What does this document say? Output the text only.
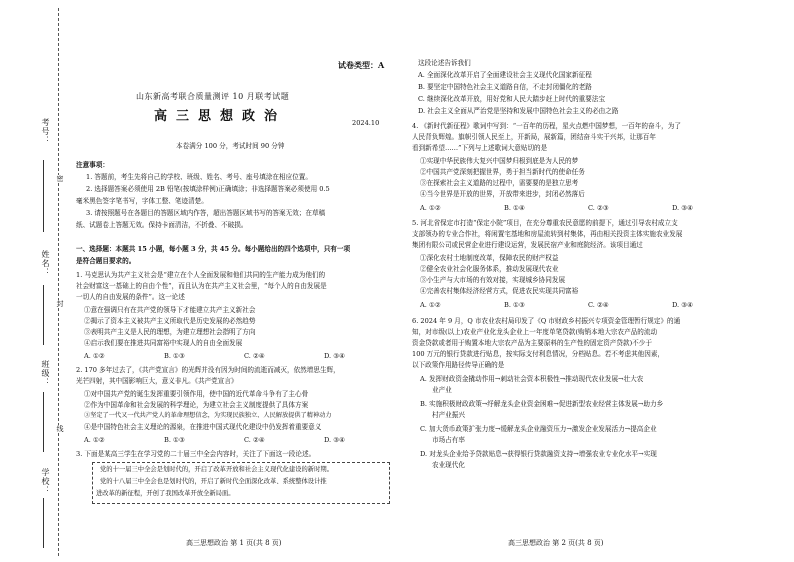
考号：
姓名：
班级：
学校：
密
封
线
试卷类型：A
山东新高考联合质量测评 10 月联考试题
高三思想政治	2024.10
本卷满分 100 分，考试时间 90 分钟
注意事项：
1. 答题前，考生先将自己的学校、班级、姓名、考号、座号填涂在相应位置。
2. 选择题答案必须使用 2B 铅笔(按填涂样例)正确填涂；非选择题答案必须使用 0.5
毫米黑色签字笔书写，字体工整、笔迹清楚。
3. 请按照题号在各题目的答题区域内作答，超出答题区域书写的答案无效；在草稿
纸、试题卷上答题无效。保持卡面清洁，不折叠、不破损。
一、选择题：本题共 15 小题，每小题 3 分，共 45 分。每小题给出的四个选项中，只有一项
是符合题目要求的。
1. 马克思认为共产主义社会是“建立在个人全面发展和他们共同的生产能力成为他们的
社会财富这一基础上的自由个性”，而且认为在共产主义社会里，“每个人的自由发展是
一切人的自由发展的条件”。这一论述
①意在强调只有在共产党的领导下才能建立共产主义新社会
②揭示了资本主义被共产主义所取代是历史发展的必然趋势
③表明共产主义是人民的理想，为建立理想社会指明了方向
④启示我们要在推进共同富裕中实现人的自由全面发展
A. ①②	B. ①③	C. ②④	D. ③④
2. 170 多年过去了，《共产党宣言》的光辉并没有因为时间的流逝而减灭，依然增思生辉，
光芒四射，其中国影响巨大，意义非凡。《共产党宣言》
①对中国共产党的诞生发挥重要引领作用，使中国的近代革命斗争有了主心骨
②作为中国革命和社会发展的科学理论，为建立社会主义制度提供了具体方案
③坚定了一代又一代共产党人的革命理想信念，为实现民族独立、人民解放提供了精神动力
④是中国特色社会主义理论的源泉，在推进中国式现代化建设中仍发挥着重要意义
A. ①②	B. ①③	C. ②④	D. ③④
3. 下面是某高三学生在学习党的二十届三中全会内容时，关注了下面这一段论述。
党的十一届三中全会是划时代的，开启了改革开放和社会主义现代化建设的新时期。
党的十八届三中全会也是划时代的，开启了新时代全面深化改革、系统整体设计推
进改革的新征程，开创了我国改革开放全新局面。
高三思想政治 第 1 页(共 8 页)
这段论述告诉我们
A. 全面深化改革开启了全面建设社会主义现代化国家新征程
B. 要坚定中国特色社会主义道路自信，不走封闭僵化的老路
C. 继续深化改革开放，用好党和人民大踏步赶上时代的重要法宝
D. 社会主义全面从严治党是坚持和发展中国特色社会主义的必由之路
4. 《新时代新征程》歌词中写到：“一百年的历程，星火点燃中国梦想，一百年的奋斗，为了
人民背负辉煌。旗帜引领人民至上，开新局，展新篇，团结奋斗实干兴邦，让那百年
看到新希望……”下列与上述歌词大意贴切的是
①实现中华民族伟大复兴中国梦归根到底是为人民的梦
②中国共产党深刻把握世界，勇于担当新时代的使命任务
③在探索社会主义道路的过程中，需要要的是独立思考
④当今世界是开放的世界，开放带来进步，封闭必然落后
A. ①②	B. ①④	C. ②③	D. ③④
5. 河北省保定市打造“保定小院”项目，在充分尊重农民意愿的前提下，通过引导农村成立支
支部领办的专业合作社，将闲置宅基地和房屋流转到村集体，再由相关投资主体实施农业发展
集团有限公司或民营企业进行建设运营，发展民宿产业和庭院经济。该项目通过
①深化农村土地制度改革，保障农民的财产权益
②健全农业社会化服务体系，推动发展现代农业
③小生产与大市场的有效对接，实现城乡协同发展
④完善农村集体经济经营方式，促进农民实现共同富裕
A. ①②	B. ①③	C. ②④	D. ③④
6. 2024 年 9 月，Q 市农业农村局印发了《Q 市财政乡村振兴专项资金管理暂行规定》的通
知，对市级(以上)农业产业化龙头企业上一年度单笔贷款(购销本地大宗农产品的流动
资金贷款或者用于购置本地大宗农产品为主要原料的生产性的固定资产贷款)不少于
100 万元的银行贷款进行贴息，按实际支付利息情况，分档贴息。若不考虑其他因素，
以下政策作用路径传导正确的是
A. 发挥财政资金撬动作用→刺动社会资本积极性→推动现代农业发展→壮大农
业产业
B. 实施积极财政政策→纾解龙头企业资金困难→促进新型农业经营主体发展→助力乡
村产业振兴
C. 加大货币政策扩张力度→缓解龙头企业融资压力→激发企业发展活力→提高企业
市场占有率
D. 对龙头企业给予贷款贴息→获得银行贷款融资支持→增强农业专业化水平→实现
农业现代化
高三思想政治 第 2 页(共 8 页)
